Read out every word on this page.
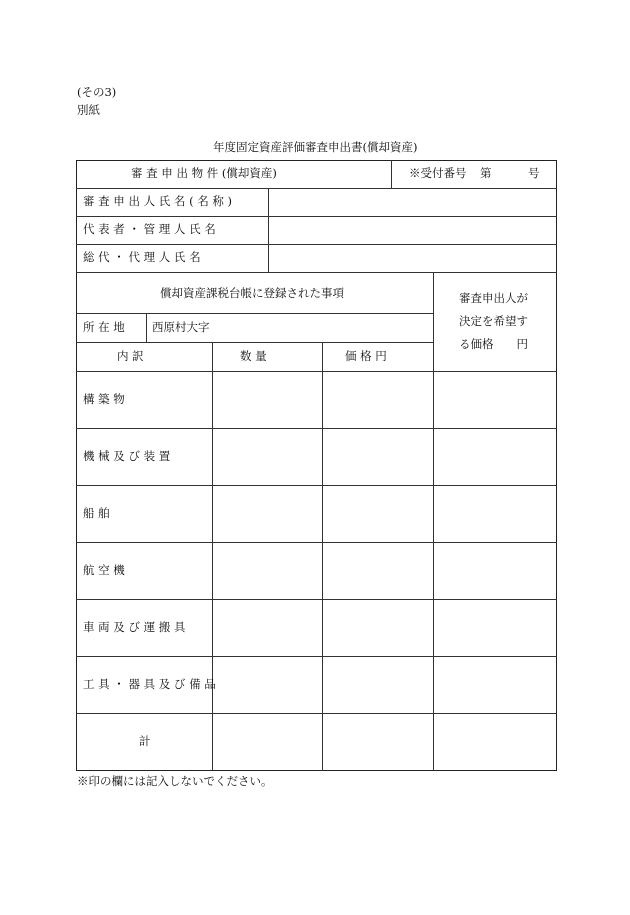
(その3)
別紙
年度固定資産評価審査申出書(償却資産)
審 査 申 出 物 件 (償却資産)	※受付番号 第	号
審 査 申 出 人 氏 名 ( 名 称 )
代 表 者 ・ 管 理 人 氏 名
総 代 ・ 代 理 人 氏 名
償却資産課税台帳に登録された事項	審査申出人が
決定を希望す
る価格　　円
所 在 地 西原村大字
内 訳	数 量	価 格 円
構 築 物
機 械 及 び 装 置
船 舶
航 空 機
車 両 及 び 運 搬 具
工 具 ・ 器 具 及 び 備 品
計
※印の欄には記入しないでください。
